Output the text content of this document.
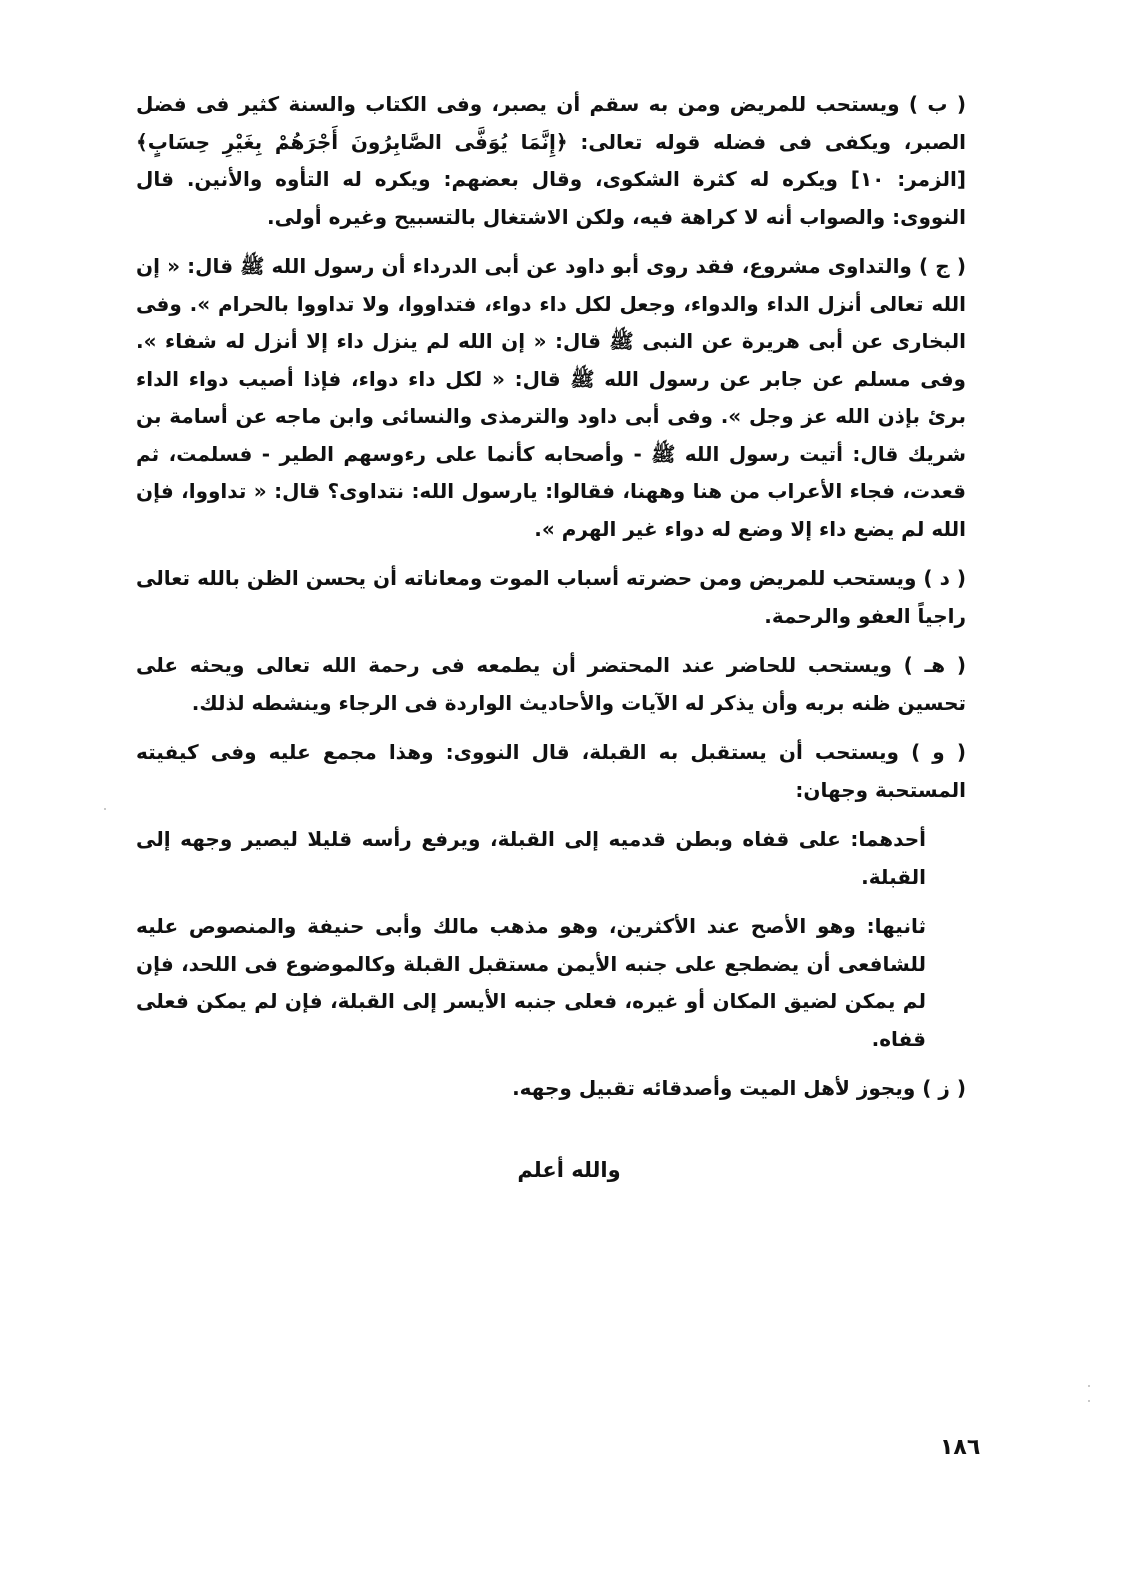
( ب ) ويستحب للمريض ومن به سقم أن يصبر، وفى الكتاب والسنة كثير فى فضل الصبر، ويكفى فى فضله قوله تعالى: ﴿إِنَّمَا يُوَفَّى الصَّابِرُونَ أَجْرَهُمْ بِغَيْرِ حِسَابٍ﴾ [الزمر: ١٠] ويكره له كثرة الشكوى، وقال بعضهم: ويكره له التأوه والأنين. قال النووى: والصواب أنه لا كراهة فيه، ولكن الاشتغال بالتسبيح وغيره أولى.

( ج ) والتداوى مشروع، فقد روى أبو داود عن أبى الدرداء أن رسول الله ﷺ قال: « إن الله تعالى أنزل الداء والدواء، وجعل لكل داء دواء، فتداووا، ولا تداووا بالحرام ». وفى البخارى عن أبى هريرة عن النبى ﷺ قال: « إن الله لم ينزل داء إلا أنزل له شفاء ». وفى مسلم عن جابر عن رسول الله ﷺ قال: « لكل داء دواء، فإذا أصيب دواء الداء برئ بإذن الله عز وجل ». وفى أبى داود والترمذى والنسائى وابن ماجه عن أسامة بن شريك قال: أتيت رسول الله ﷺ - وأصحابه كأنما على رءوسهم الطير - فسلمت، ثم قعدت، فجاء الأعراب من هنا وههنا، فقالوا: يارسول الله: نتداوى؟ قال: « تداووا، فإن الله لم يضع داء إلا وضع له دواء غير الهرم ».

( د ) ويستحب للمريض ومن حضرته أسباب الموت ومعاناته أن يحسن الظن بالله تعالى راجياً العفو والرحمة.

( هـ ) ويستحب للحاضر عند المحتضر أن يطمعه فى رحمة الله تعالى ويحثه على تحسين ظنه بربه وأن يذكر له الآيات والأحاديث الواردة فى الرجاء وينشطه لذلك.

( و ) ويستحب أن يستقبل به القبلة، قال النووى: وهذا مجمع عليه وفى كيفيته المستحبة وجهان:

أحدهما: على قفاه وبطن قدميه إلى القبلة، ويرفع رأسه قليلا ليصير وجهه إلى القبلة.

ثانيها: وهو الأصح عند الأكثرين، وهو مذهب مالك وأبى حنيفة والمنصوص عليه للشافعى أن يضطجع على جنبه الأيمن مستقبل القبلة وكالموضوع فى اللحد، فإن لم يمكن لضيق المكان أو غيره، فعلى جنبه الأيسر إلى القبلة، فإن لم يمكن فعلى قفاه.

( ز ) ويجوز لأهل الميت وأصدقائه تقبيل وجهه.

والله أعلم
١٨٦
